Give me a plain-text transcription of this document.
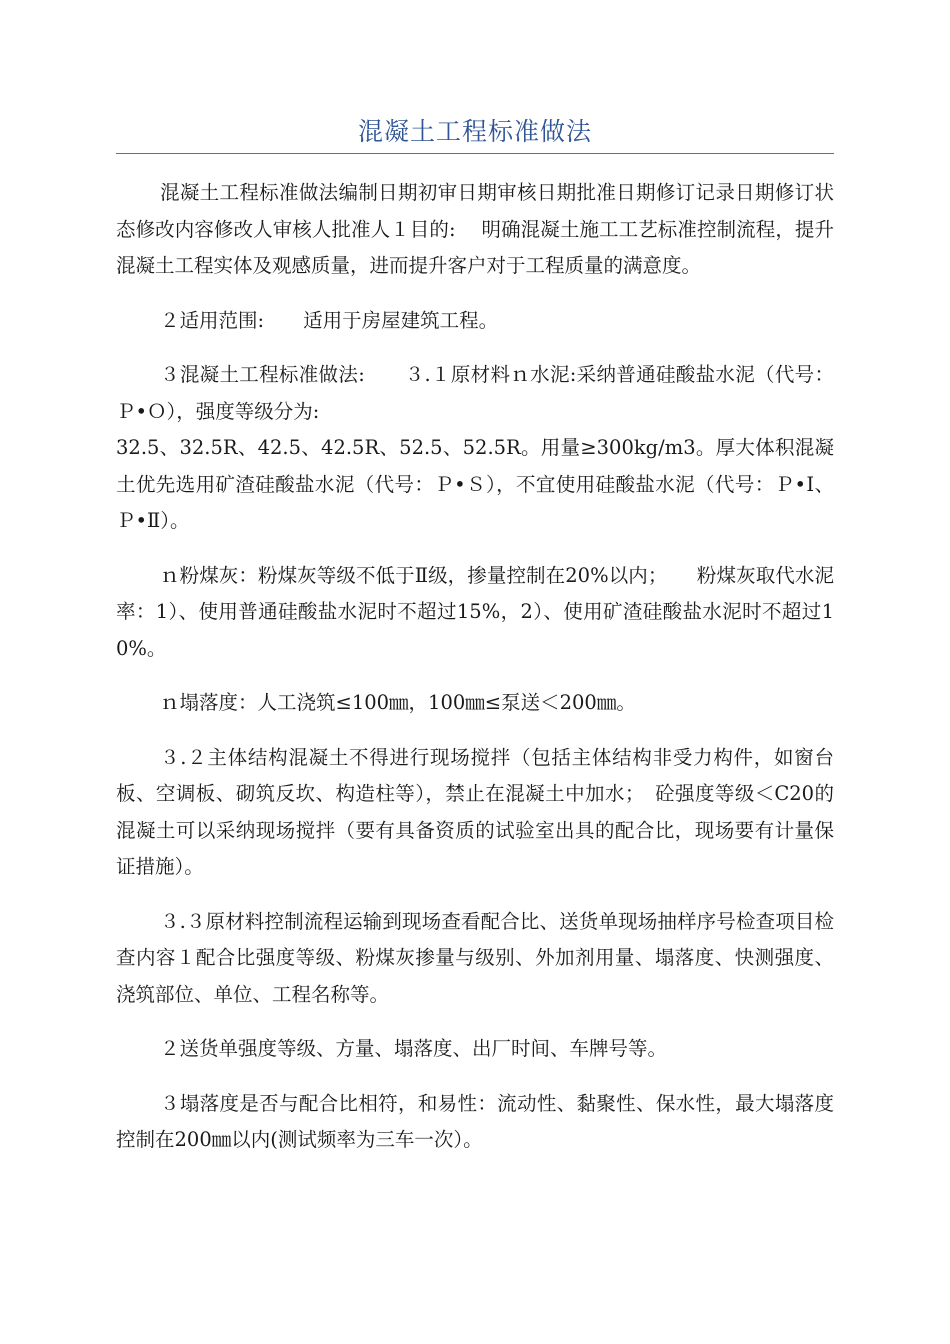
混凝土工程标准做法

混凝土工程标准做法编制日期初审日期审核日期批准日期修订记录日期修订状态修改内容修改人审核人批准人１目的:　 明确混凝土施工工艺标准控制流程，提升混凝土工程实体及观感质量，进而提升客户对于工程质量的满意度。

２适用范围:　　适用于房屋建筑工程。

３混凝土工程标准做法:　　３.１原材料ｎ水泥:采纳普通硅酸盐水泥（代号：Ｐ•Ｏ），强度等级分为:

32.5、32.5R、42.5、42.5R、52.5、52.5R。用量≥300kg/m3。厚大体积混凝土优先选用矿渣硅酸盐水泥（代号：Ｐ•Ｓ），不宜使用硅酸盐水泥（代号：Ｐ•Ⅰ、Ｐ•Ⅱ）。

ｎ粉煤灰：粉煤灰等级不低于Ⅱ级，掺量控制在20%以内；　　粉煤灰取代水泥率：1）、使用普通硅酸盐水泥时不超过15%，2）、使用矿渣硅酸盐水泥时不超过10%。

ｎ塌落度：人工浇筑≤100㎜，100㎜≤泵送＜200㎜。

３.２主体结构混凝土不得进行现场搅拌（包括主体结构非受力构件，如窗台板、空调板、砌筑反坎、构造柱等），禁止在混凝土中加水；　砼强度等级＜C20的混凝土可以采纳现场搅拌（要有具备资质的试验室出具的配合比，现场要有计量保证措施）。

３.３原材料控制流程运输到现场查看配合比、送货单现场抽样序号检查项目检查内容１配合比强度等级、粉煤灰掺量与级别、外加剂用量、塌落度、快测强度、浇筑部位、单位、工程名称等。

２送货单强度等级、方量、塌落度、出厂时间、车牌号等。

３塌落度是否与配合比相符，和易性：流动性、黏聚性、保水性，最大塌落度控制在200㎜以内(测试频率为三车一次）。
